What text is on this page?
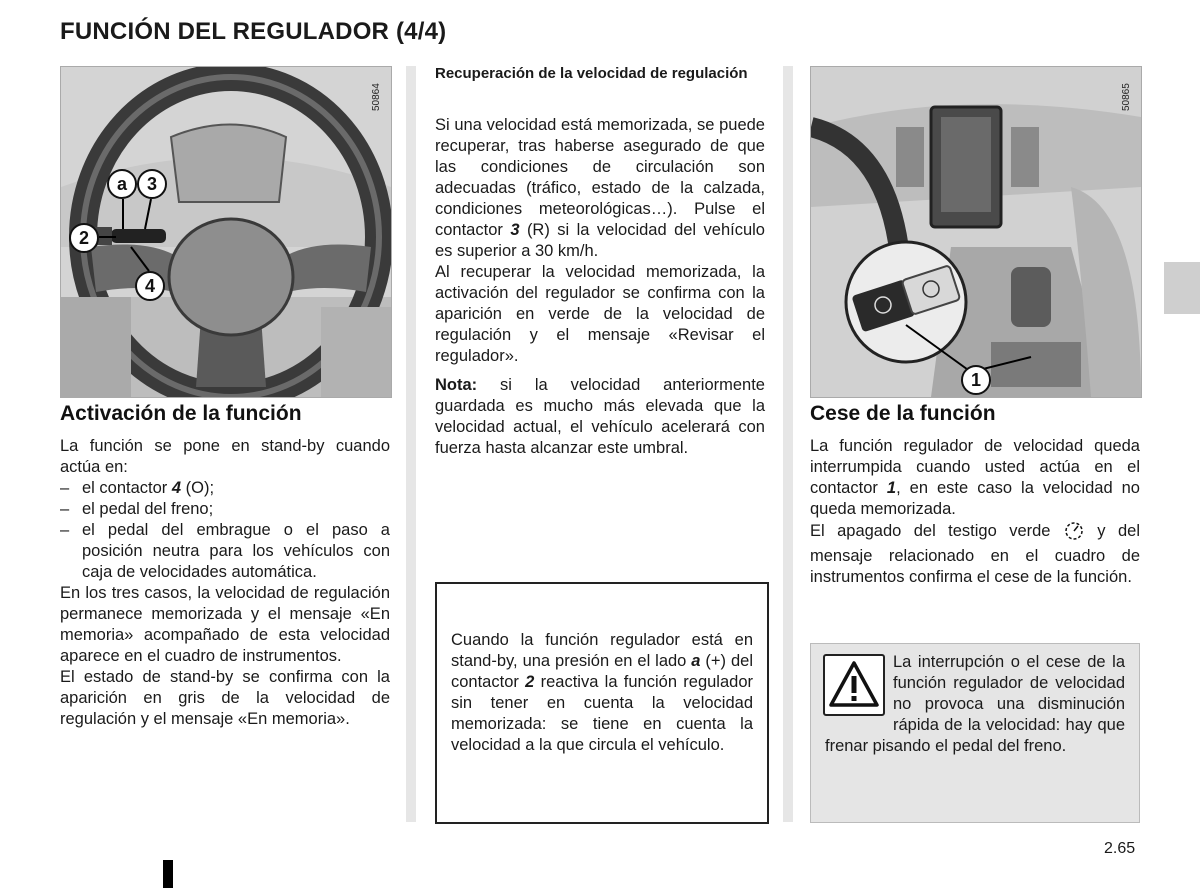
FUNCIÓN DEL REGULADOR (4/4)
50864
a	3
2
4
Activación de la función

La función se pone en stand-by cuando actúa en:

– el contactor 4 (O);
– el pedal del freno;
– el pedal del embrague o el paso a posición neutra para los vehículos con caja de velocidades automática.

En los tres casos, la velocidad de regulación permanece memorizada y el mensaje «En memoria» acompañado de esta velocidad aparece en el cuadro de instrumentos.

El estado de stand-by se confirma con la aparición en gris de la velocidad de regulación y el mensaje «En memoria».

Recuperación de la velocidad de regulación

Si una velocidad está memorizada, se puede recuperar, tras haberse asegurado de que las condiciones de circulación son adecuadas (tráfico, estado de la calzada, condiciones meteorológicas…). Pulse el contactor 3 (R) si la velocidad del vehículo es superior a 30 km/h.

Al recuperar la velocidad memorizada, la activación del regulador se confirma con la aparición en verde de la velocidad de regulación y el mensaje «Revisar el regulador».

Nota: si la velocidad anteriormente guardada es mucho más elevada que la velocidad actual, el vehículo acelerará con fuerza hasta alcanzar este umbral.

Cuando la función regulador está en stand-by, una presión en el lado a (+) del contactor 2 reactiva la función regulador sin tener en cuenta la velocidad memorizada: se tiene en cuenta la velocidad a la que circula el vehículo.
50865
1
Cese de la función

La función regulador de velocidad queda interrumpida cuando usted actúa en el contactor 1, en este caso la velocidad no queda memorizada.

El apagado del testigo verde  y del mensaje relacionado en el cuadro de instrumentos confirma el cese de la función.

La interrupción o el cese de la función regulador de velocidad no provoca una disminución rápida de la velocidad: hay que frenar pisando el pedal del freno.
2.65
